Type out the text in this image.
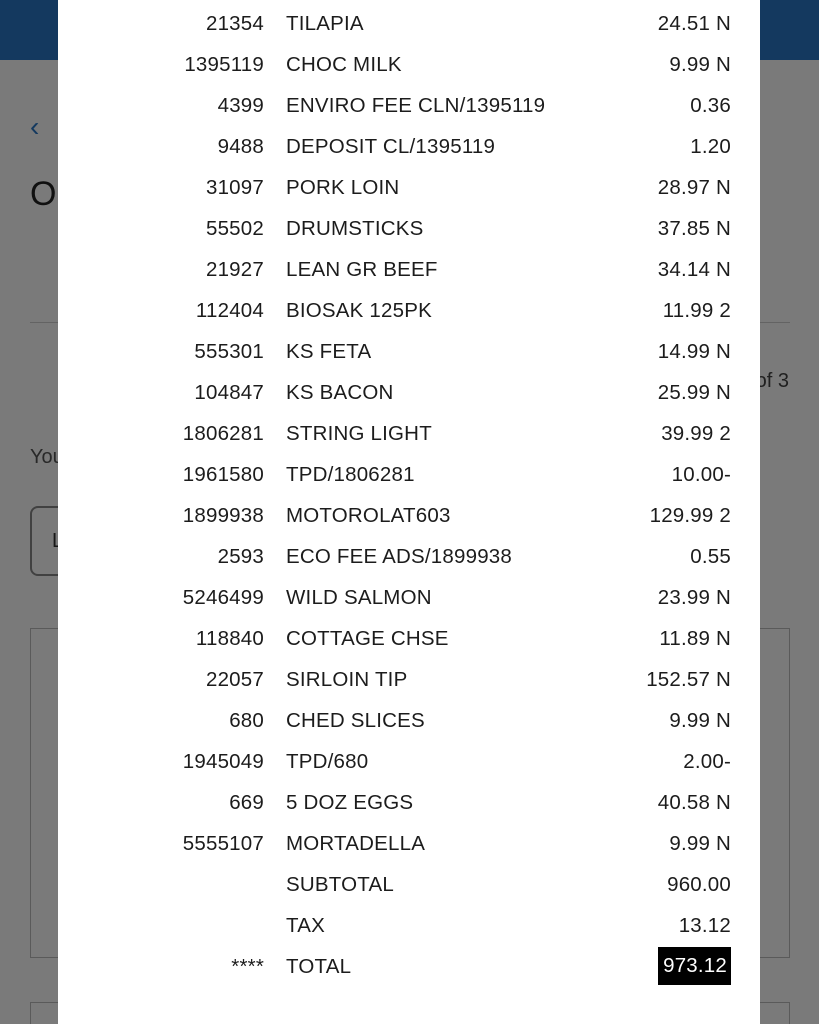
21354 TILAPIA	24.51 N
1395119 CHOC MILK	9.99 N
4399 ENVIRO FEE CLN/1395119	0.36
9488 DEPOSIT CL/1395119	1.20
31097 PORK LOIN	28.97 N
55502 DRUMSTICKS	37.85 N
21927 LEAN GR BEEF	34.14 N
112404 BIOSAK 125PK	11.99 2
555301 KS FETA	14.99 N
104847 KS BACON	25.99 N
1806281 STRING LIGHT	39.99 2
1961580 TPD/1806281	10.00-
1899938 MOTOROLAT603	129.99 2
2593 ECO FEE ADS/1899938	0.55
5246499 WILD SALMON	23.99 N
118840 COTTAGE CHSE	11.89 N
22057 SIRLOIN TIP	152.57 N
680 CHED SLICES	9.99 N
1945049 TPD/680	2.00-
669 5 DOZ EGGS	40.58 N
5555107 MORTADELLA	9.99 N
SUBTOTAL	960.00
TAX	13.12
**** TOTAL	973.12
